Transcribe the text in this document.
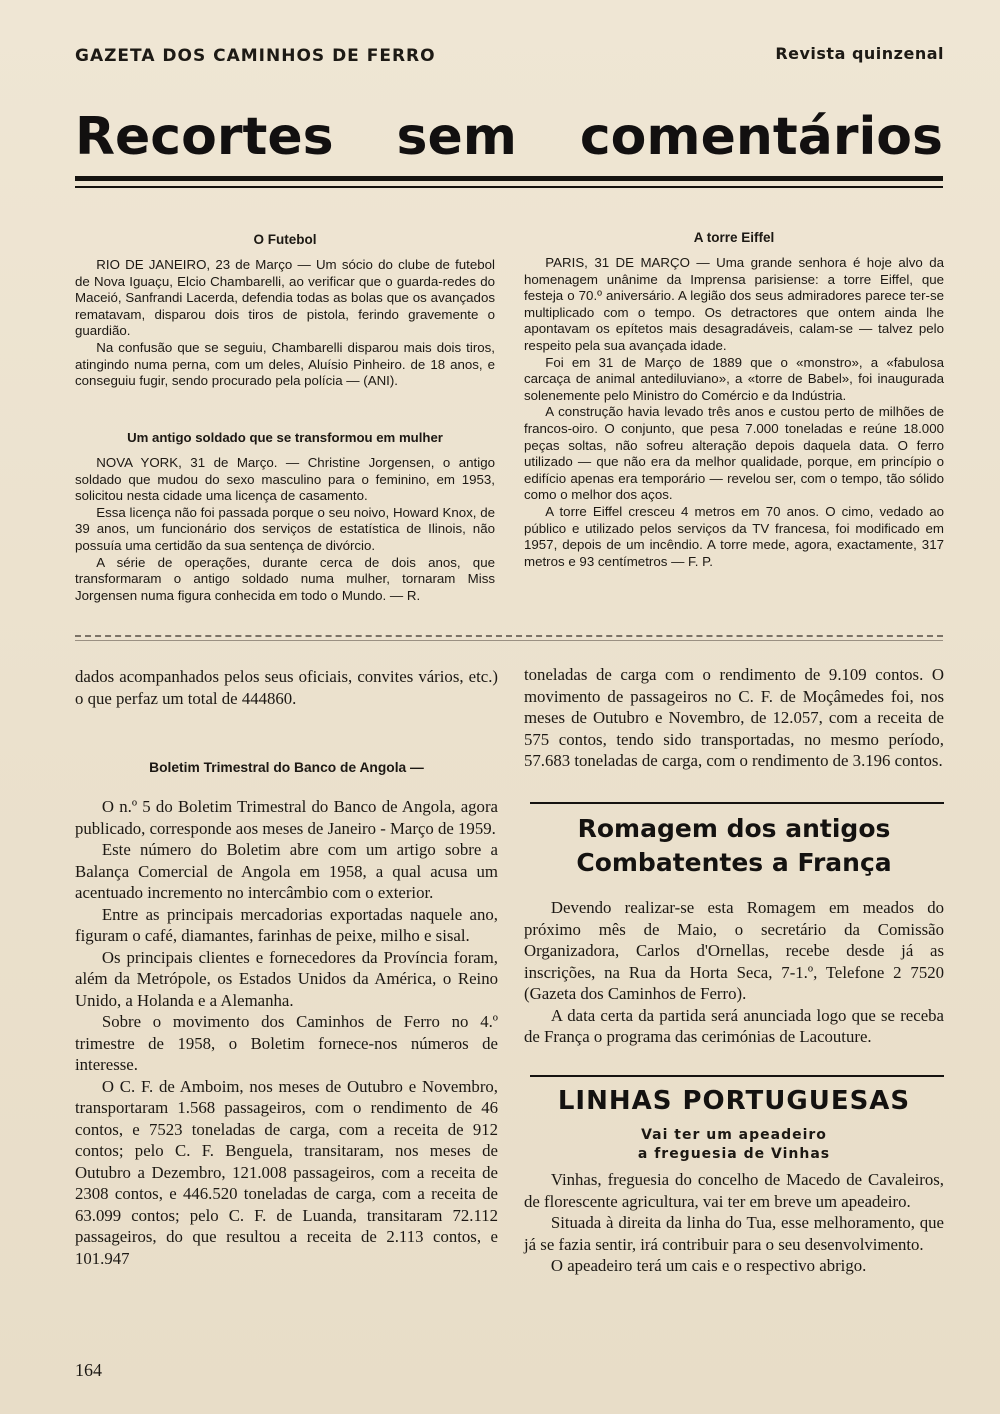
GAZETA DOS CAMINHOS DE FERRO	Revista quinzenal
Recortes sem comentários
O Futebol

RIO DE JANEIRO, 23 de Março — Um sócio do clube de futebol de Nova Iguaçu, Elcio Chambarelli, ao verificar que o guarda-redes do Maceió, Sanfrandi Lacerda, defendia todas as bolas que os avançados rematavam, disparou dois tiros de pistola, ferindo gravemente o guardião.

Na confusão que se seguiu, Chambarelli disparou mais dois tiros, atingindo numa perna, com um deles, Aluísio Pinheiro. de 18 anos, e conseguiu fugir, sendo procurado pela polícia — (ANI).

Um antigo soldado que se transformou em mulher

NOVA YORK, 31 de Março. — Christine Jorgensen, o antigo soldado que mudou do sexo masculino para o feminino, em 1953, solicitou nesta cidade uma licença de casamento.

Essa licença não foi passada porque o seu noivo, Howard Knox, de 39 anos, um funcionário dos serviços de estatística de Ilinois, não possuía uma certidão da sua sentença de divórcio.

A série de operações, durante cerca de dois anos, que transformaram o antigo soldado numa mulher, tornaram Miss Jorgensen numa figura conhecida em todo o Mundo. — R.

A torre Eiffel

PARIS, 31 DE MARÇO — Uma grande senhora é hoje alvo da homenagem unânime da Imprensa parisiense: a torre Eiffel, que festeja o 70.º aniversário. A legião dos seus admiradores parece ter-se multiplicado com o tempo. Os detractores que ontem ainda lhe apontavam os epítetos mais desagradáveis, calam-se — talvez pelo respeito pela sua avançada idade.

Foi em 31 de Março de 1889 que o «monstro», a «fabulosa carcaça de animal antediluviano», a «torre de Babel», foi inaugurada solenemente pelo Ministro do Comércio e da Indústria.

A construção havia levado três anos e custou perto de milhões de francos-oiro. O conjunto, que pesa 7.000 toneladas e reúne 18.000 peças soltas, não sofreu alteração depois daquela data. O ferro utilizado — que não era da melhor qualidade, porque, em princípio o edifício apenas era temporário — revelou ser, com o tempo, tão sólido como o melhor dos aços.

A torre Eiffel cresceu 4 metros em 70 anos. O cimo, vedado ao público e utilizado pelos serviços da TV francesa, foi modificado em 1957, depois de um incêndio. A torre mede, agora, exactamente, 317 metros e 93 centímetros — F. P.

dados acompanhados pelos seus oficiais, convites vários, etc.) o que perfaz um total de 444860.

Boletim Trimestral do Banco de Angola —

O n.º 5 do Boletim Trimestral do Banco de Angola, agora publicado, corresponde aos meses de Janeiro - Março de 1959.

Este número do Boletim abre com um artigo sobre a Balança Comercial de Angola em 1958, a qual acusa um acentuado incremento no intercâmbio com o exterior.

Entre as principais mercadorias exportadas naquele ano, figuram o café, diamantes, farinhas de peixe, milho e sisal.

Os principais clientes e fornecedores da Província foram, além da Metrópole, os Estados Unidos da América, o Reino Unido, a Holanda e a Alemanha.

Sobre o movimento dos Caminhos de Ferro no 4.º trimestre de 1958, o Boletim fornece-nos números de interesse.

O C. F. de Amboim, nos meses de Outubro e Novembro, transportaram 1.568 passageiros, com o rendimento de 46 contos, e 7523 toneladas de carga, com a receita de 912 contos; pelo C. F. Benguela, transitaram, nos meses de Outubro a Dezembro, 121.008 passageiros, com a receita de 2308 contos, e 446.520 toneladas de carga, com a receita de 63.099 contos; pelo C. F. de Luanda, transitaram 72.112 passageiros, do que resultou a receita de 2.113 contos, e 101.947

toneladas de carga com o rendimento de 9.109 contos. O movimento de passageiros no C. F. de Moçâmedes foi, nos meses de Outubro e Novembro, de 12.057, com a receita de 575 contos, tendo sido transportadas, no mesmo período, 57.683 toneladas de carga, com o rendimento de 3.196 contos.

Romagem dos antigos
Combatentes a França

Devendo realizar-se esta Romagem em meados do próximo mês de Maio, o secretário da Comissão Organizadora, Carlos d'Ornellas, recebe desde já as inscrições, na Rua da Horta Seca, 7-1.º, Telefone 2 7520 (Gazeta dos Caminhos de Ferro).

A data certa da partida será anunciada logo que se receba de França o programa das cerimónias de Lacouture.

LINHAS PORTUGUESAS
Vai ter um apeadeiro
a freguesia de Vinhas

Vinhas, freguesia do concelho de Macedo de Cavaleiros, de florescente agricultura, vai ter em breve um apeadeiro.

Situada à direita da linha do Tua, esse melhoramento, que já se fazia sentir, irá contribuir para o seu desenvolvimento.

O apeadeiro terá um cais e o respectivo abrigo.

164
